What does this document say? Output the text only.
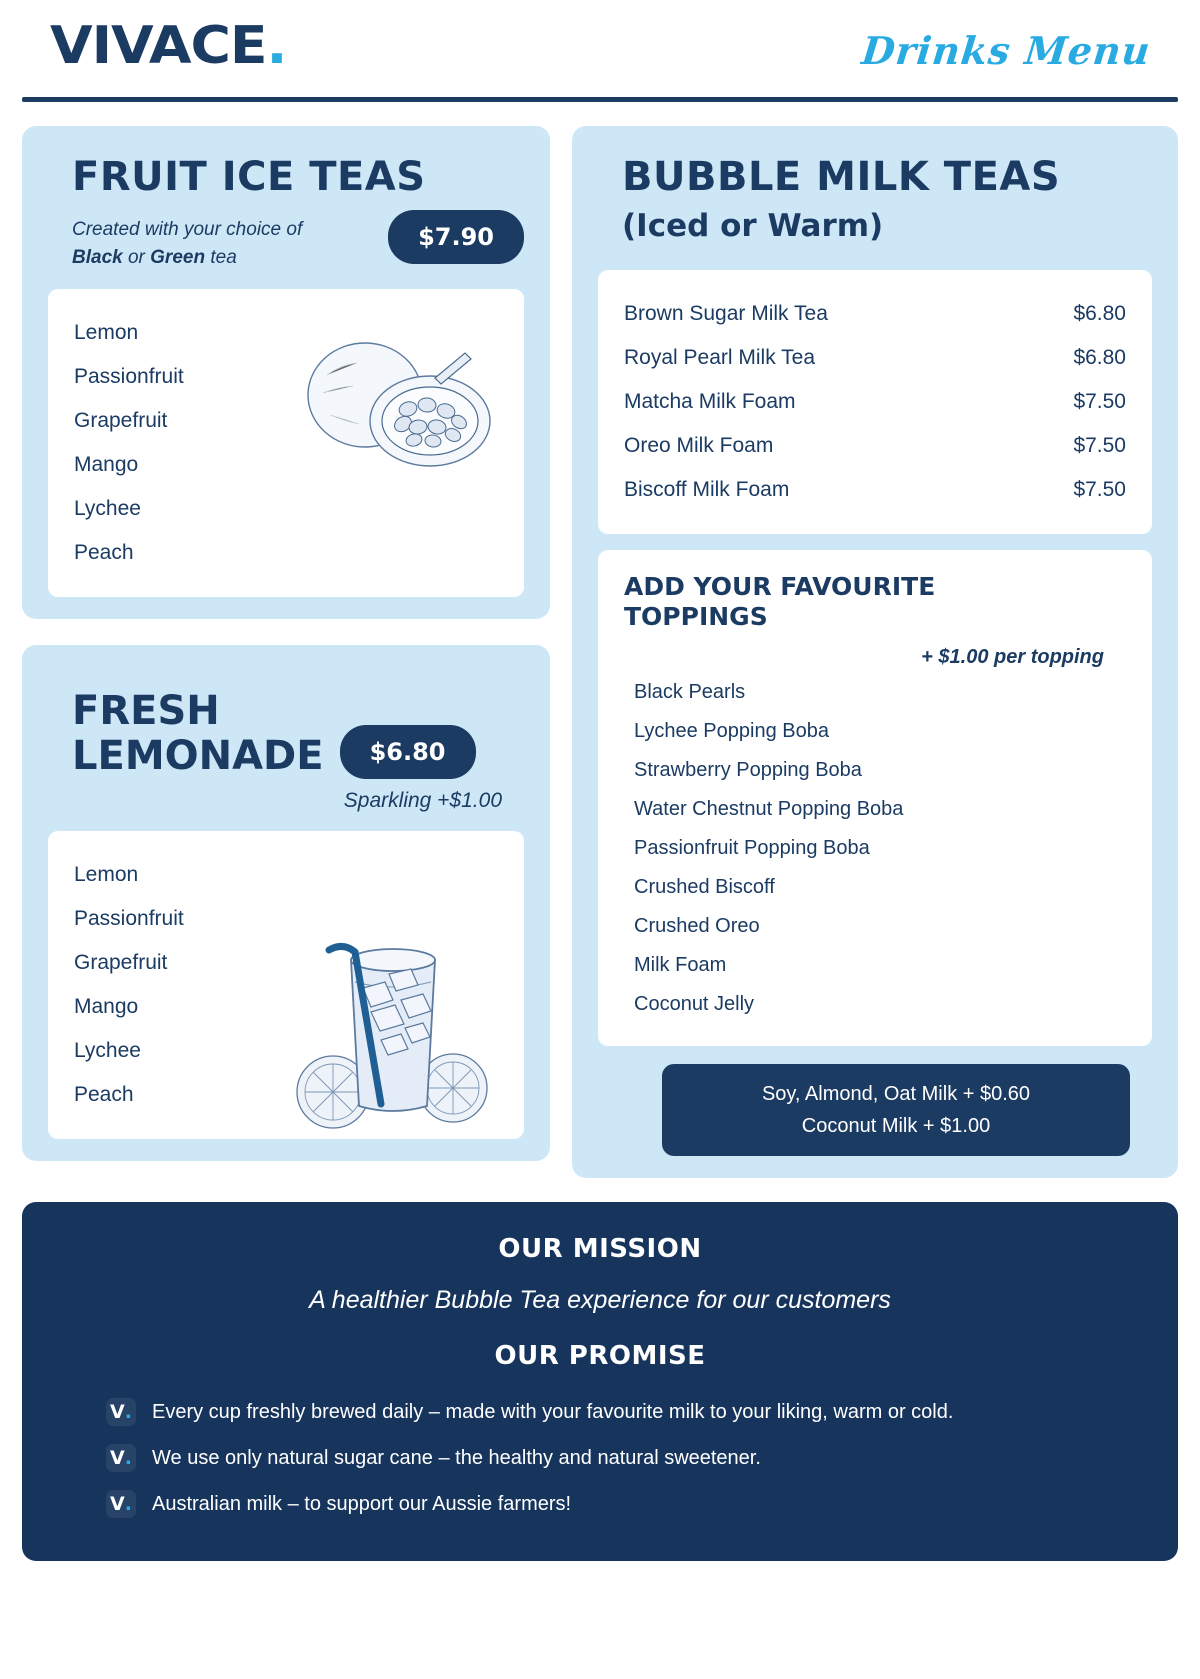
VIVACE.	Drinks Menu
FRUIT ICE TEAS
Created with your choice of
Black or Green tea
$7.90
Lemon
Passionfruit
Grapefruit
Mango
Lychee
Peach
FRESH
LEMONADE	$6.80
Sparkling +$1.00
Lemon
Passionfruit
Grapefruit
Mango
Lychee
Peach
BUBBLE MILK TEAS
(Iced or Warm)
Brown Sugar Milk Tea	$6.80
Royal Pearl Milk Tea	$6.80
Matcha Milk Foam	$7.50
Oreo Milk Foam	$7.50
Biscoff Milk Foam	$7.50
ADD YOUR FAVOURITE TOPPINGS
+ $1.00 per topping
Black Pearls
Lychee Popping Boba
Strawberry Popping Boba
Water Chestnut Popping Boba
Passionfruit Popping Boba
Crushed Biscoff
Crushed Oreo
Milk Foam
Coconut Jelly
Soy, Almond, Oat Milk + $0.60
Coconut Milk + $1.00
OUR MISSION
A healthier Bubble Tea experience for our customers
OUR PROMISE
V . Every cup freshly brewed daily – made with your favourite milk to your liking, warm or cold.
V . We use only natural sugar cane – the healthy and natural sweetener.
V . Australian milk – to support our Aussie farmers!
